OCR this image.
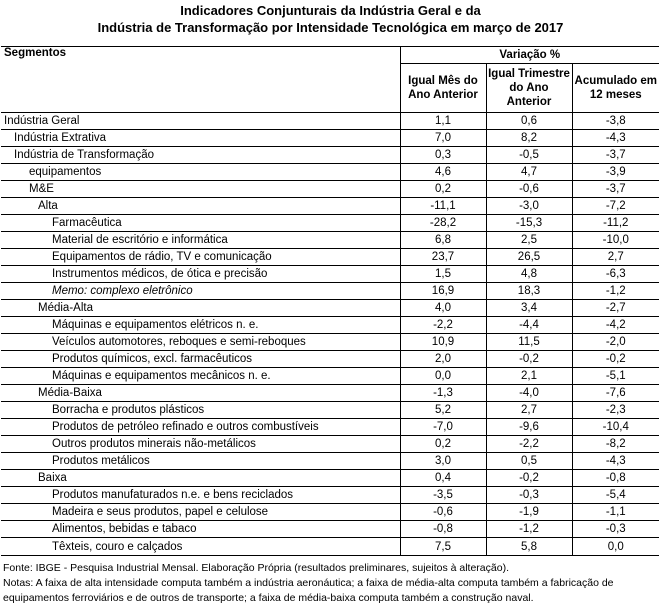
Indicadores Conjunturais da Indústria Geral e da
Indústria de Transformação por Intensidade Tecnológica em março de 2017
Segmentos	Variação %		
	Igual Mês do Ano Anterior	Igual Trimestre do Ano Anterior	Acumulado em 12 meses
Indústria Geral	1,1	0,6	-3,8
Indústria Extrativa	7,0	8,2	-4,3
Indústria de Transformação	0,3	-0,5	-3,7
equipamentos	4,6	4,7	-3,9
M&E	0,2	-0,6	-3,7
Alta	-11,1	-3,0	-7,2
Farmacêutica	-28,2	-15,3	-11,2
Material de escritório e informática	6,8	2,5	-10,0
Equipamentos de rádio, TV e comunicação	23,7	26,5	2,7
Instrumentos médicos, de ótica e precisão	1,5	4,8	-6,3
Memo: complexo eletrônico	16,9	18,3	-1,2
Média-Alta	4,0	3,4	-2,7
Máquinas e equipamentos elétricos n. e.	-2,2	-4,4	-4,2
Veículos automotores, reboques e semi-reboques	10,9	11,5	-2,0
Produtos químicos, excl. farmacêuticos	2,0	-0,2	-0,2
Máquinas e equipamentos mecânicos n. e.	0,0	2,1	-5,1
Média-Baixa	-1,3	-4,0	-7,6
Borracha e produtos plásticos	5,2	2,7	-2,3
Produtos de petróleo refinado e outros combustíveis	-7,0	-9,6	-10,4
Outros produtos minerais não-metálicos	0,2	-2,2	-8,2
Produtos metálicos	3,0	0,5	-4,3
Baixa	0,4	-0,2	-0,8
Produtos manufaturados n.e. e bens reciclados	-3,5	-0,3	-5,4
Madeira e seus produtos, papel e celulose	-0,6	-1,9	-1,1
Alimentos, bebidas e tabaco	-0,8	-1,2	-0,3
Têxteis, couro e calçados	7,5	5,8	0,0

Fonte: IBGE - Pesquisa Industrial Mensal. Elaboração Própria (resultados preliminares, sujeitos à alteração).

Notas: A faixa de alta intensidade computa também a indústria aeronáutica; a faixa de média-alta computa também a fabricação de equipamentos ferroviários e de outros de transporte; a faixa de média-baixa computa também a construção naval.
